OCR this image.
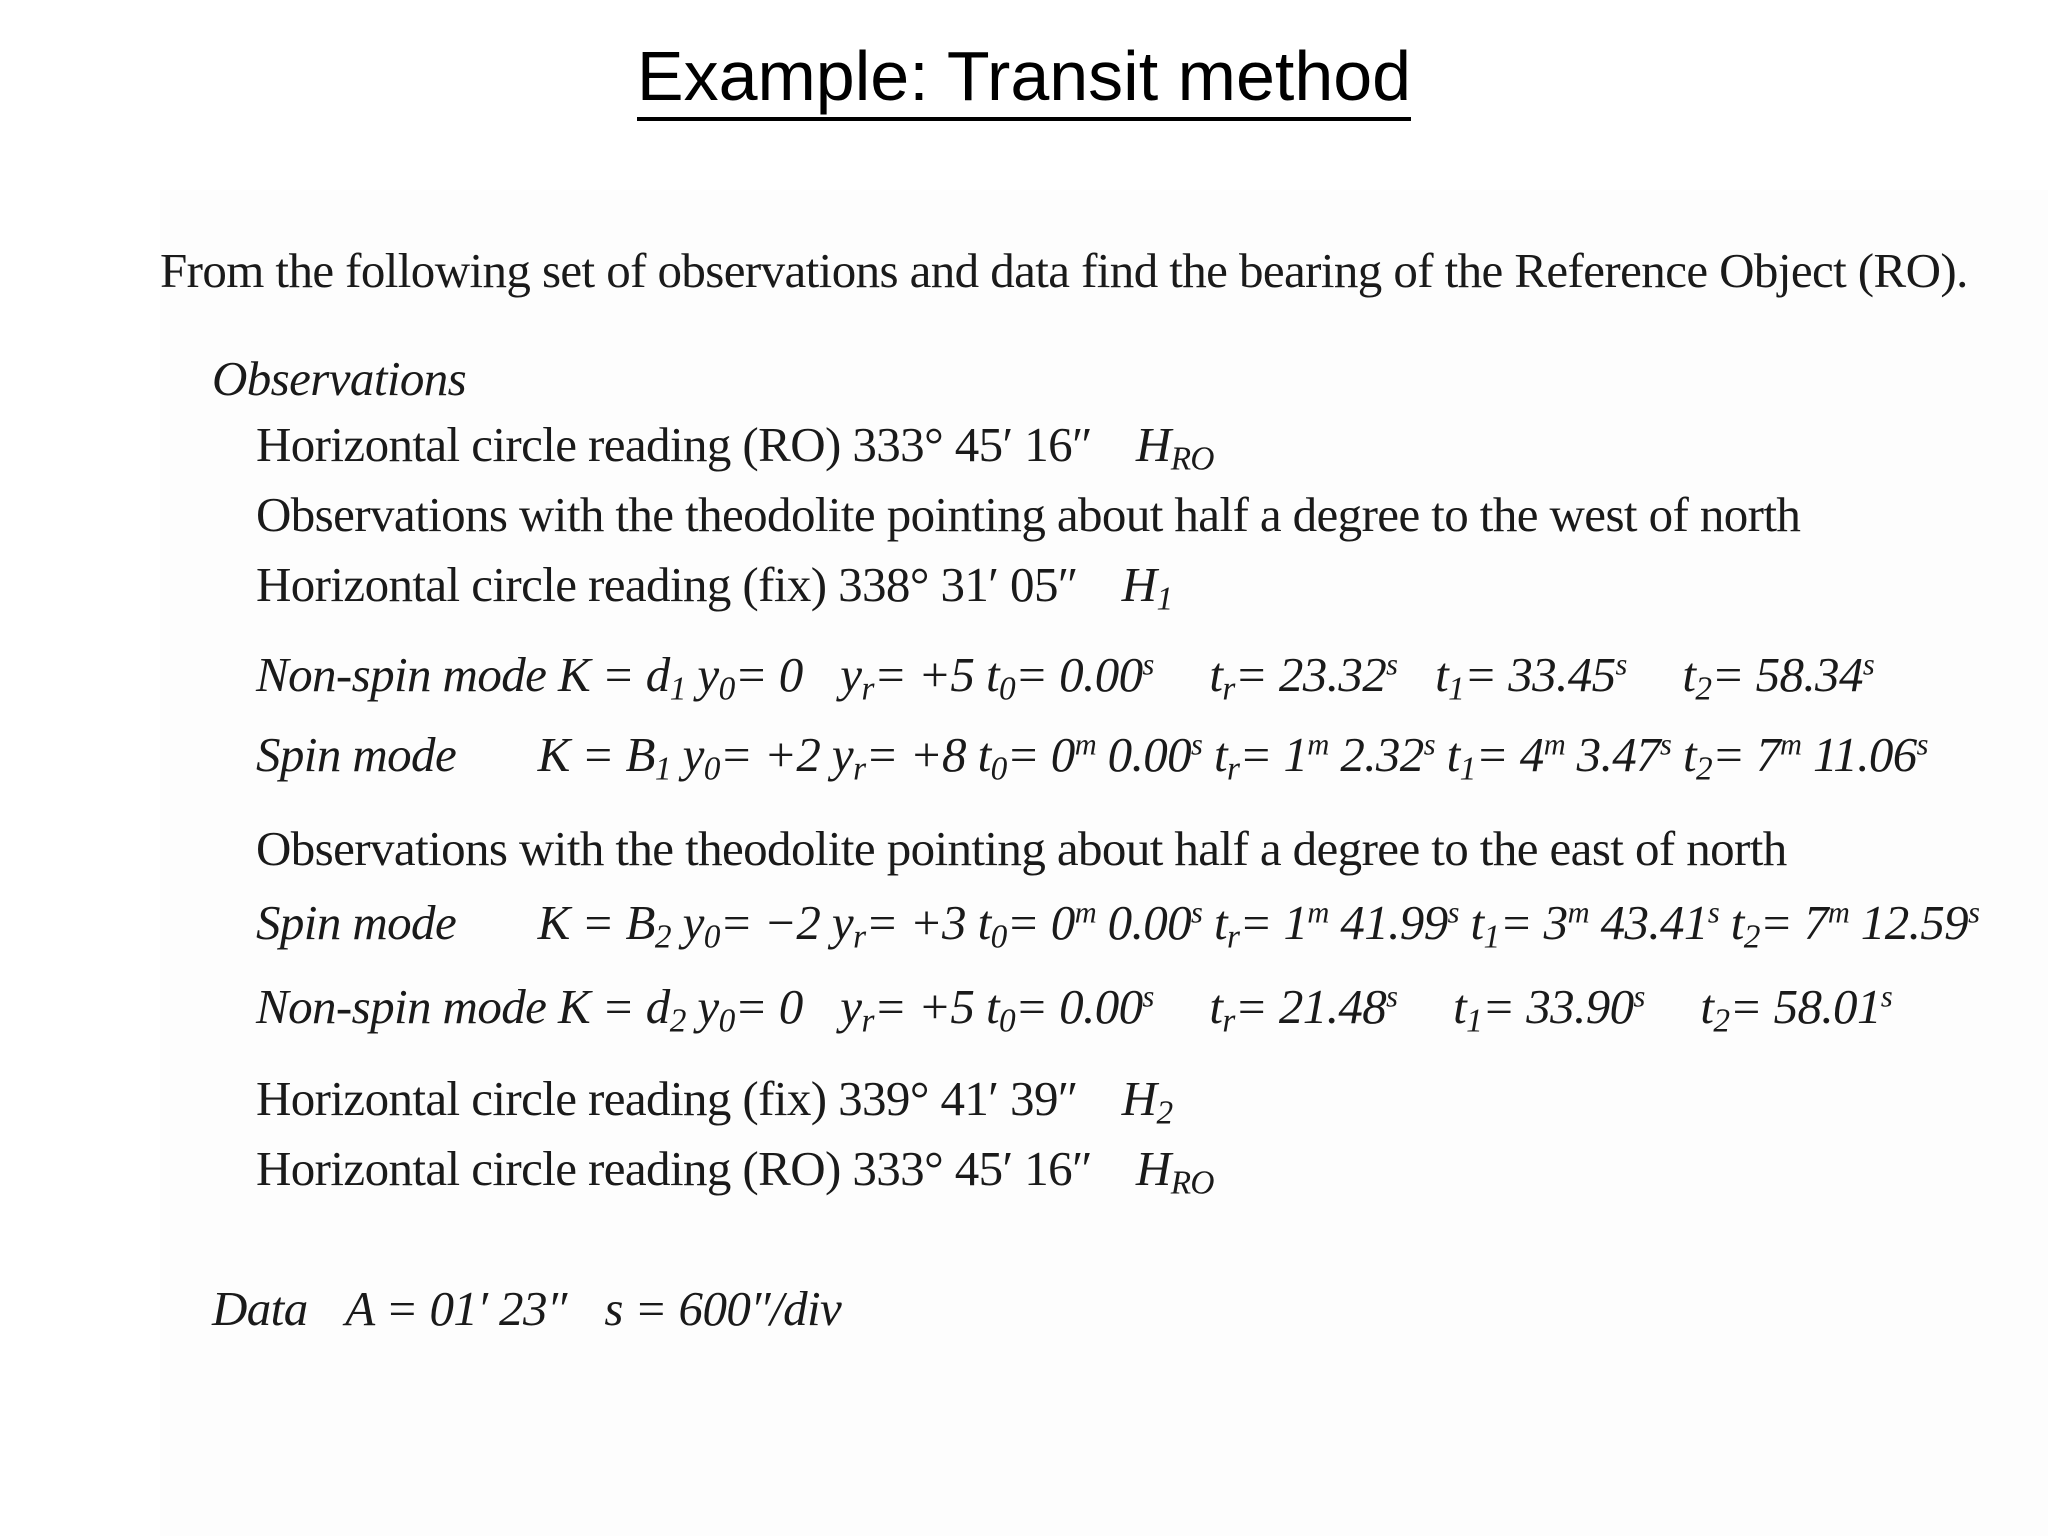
Example: Transit method
From the following set of observations and data find the bearing of the Reference Object (RO).
Observations
Horizontal circle reading (RO) 333° 45′ 16″ $H_{RO}$
Observations with the theodolite pointing about half a degree to the west of north
Horizontal circle reading (fix) 338° 31′ 05″ $H_1$
Non-spin mode $K = d_1$ $y_0= 0$ $y_r= +5$ $t_0= 0.00^s$ $t_r= 23.32^s$ $t_1= 33.45^s$ $t_2= 58.34^s$
Spin mode $K = B_1$ $y_0= +2$ $y_r= +8$ $t_0= 0^m$ 0.00$^s$ $t_r= 1^m$ 2.32$^s$ $t_1= 4^m$ 3.47$^s$ $t_2= 7^m$ 11.06$^s$
Observations with the theodolite pointing about half a degree to the east of north
Spin mode $K = B_2$ $y_0= -2$ $y_r= +3$ $t_0= 0^m$ 0.00$^s$ $t_r= 1^m$ 41.99$^s$ $t_1= 3^m$ 43.41$^s$ $t_2= 7^m$ 12.59$^s$
Non-spin mode $K = d_2$ $y_0= 0$ $y_r= +5$ $t_0= 0.00^s$ $t_r= 21.48^s$ $t_1= 33.90^s$ $t_2= 58.01^s$
Horizontal circle reading (fix) 339° 41′ 39″ $H_2$
Horizontal circle reading (RO) 333° 45′ 16″ $H_{RO}$
Data A = 01′ 23″ s = 600″/div
